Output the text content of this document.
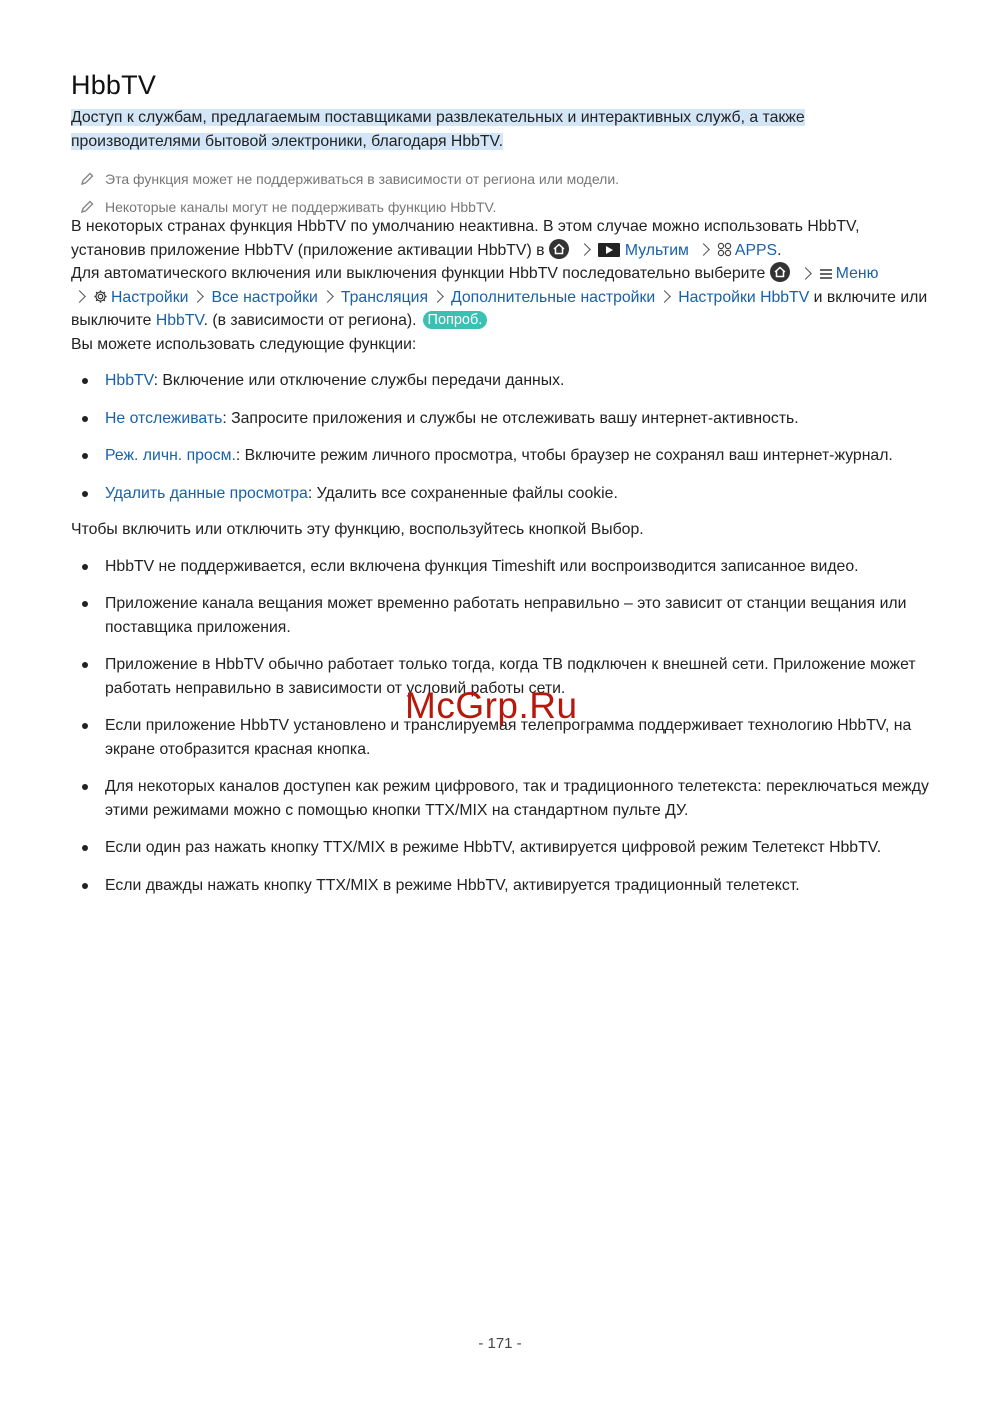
HbbTV

Доступ к службам, предлагаемым поставщиками развлекательных и интерактивных служб, а также производителями бытовой электроники, благодаря HbbTV.

Эта функция может не поддерживаться в зависимости от региона или модели.
Некоторые каналы могут не поддерживать функцию HbbTV.

В некоторых странах функция HbbTV по умолчанию неактивна. В этом случае можно использовать HbbTV, установив приложение HbbTV (приложение активации HbbTV) в	Мультим	APPS.

Для автоматического включения или выключения функции HbbTV последовательно выберите	Меню
Настройки Все настройки Трансляция Дополнительные настройки Настройки HbbTV и включите или выключите HbbTV. (в зависимости от региона). Попроб.

Вы можете использовать следующие функции:

HbbTV: Включение или отключение службы передачи данных.
Не отслеживать: Запросите приложения и службы не отслеживать вашу интернет-активность.
Реж. личн. просм.: Включите режим личного просмотра, чтобы браузер не сохранял ваш интернет-журнал.
Удалить данные просмотра: Удалить все сохраненные файлы cookie.

Чтобы включить или отключить эту функцию, воспользуйтесь кнопкой Выбор.

HbbTV не поддерживается, если включена функция Timeshift или воспроизводится записанное видео.
Приложение канала вещания может временно работать неправильно – это зависит от станции вещания или поставщика приложения.
Приложение в HbbTV обычно работает только тогда, когда ТВ подключен к внешней сети. Приложение может работать неправильно в зависимости от условий работы сети.
Если приложение HbbTV установлено и транслируемая телепрограмма поддерживает технологию HbbTV, на экране отобразится красная кнопка.
Для некоторых каналов доступен как режим цифрового, так и традиционного телетекста: переключаться между этими режимами можно с помощью кнопки TTX/MIX на стандартном пульте ДУ.
Если один раз нажать кнопку TTX/MIX в режиме HbbTV, активируется цифровой режим Телетекст HbbTV.
Если дважды нажать кнопку TTX/MIX в режиме HbbTV, активируется традиционный телетекст.
McGrp.Ru
- 171 -
